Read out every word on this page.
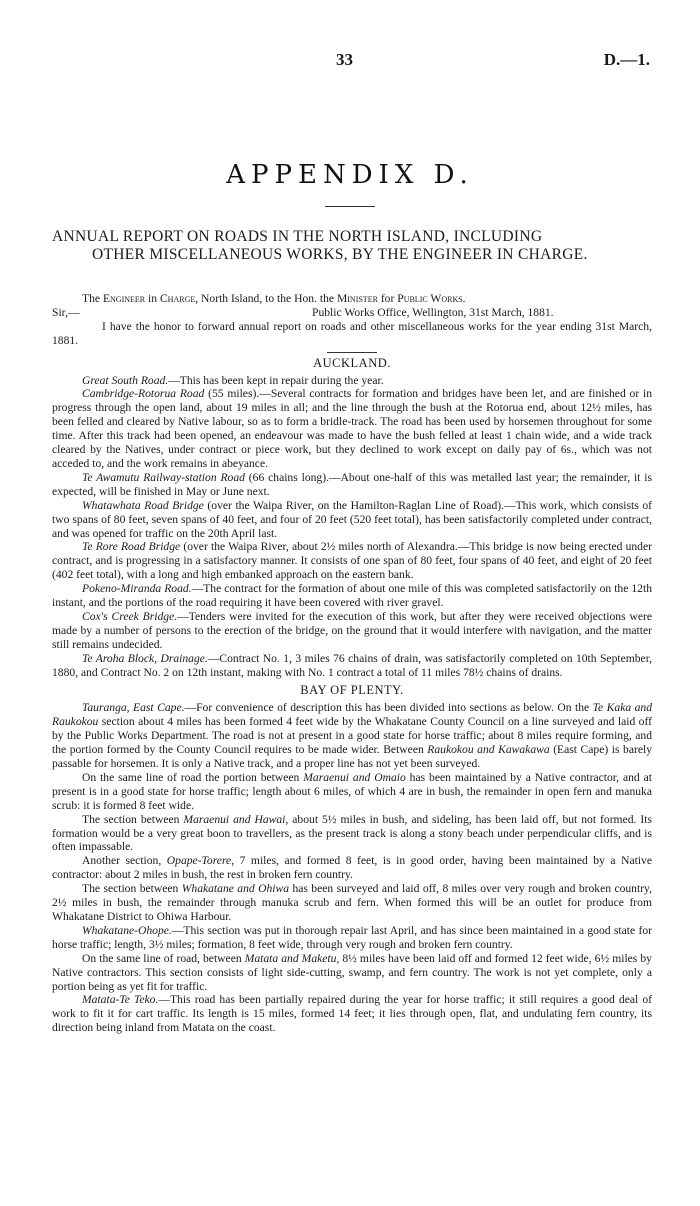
33	D.—1.
APPENDIX D.
ANNUAL REPORT ON ROADS IN THE NORTH ISLAND, INCLUDING
OTHER MISCELLANEOUS WORKS, BY THE ENGINEER IN CHARGE.

The Engineer in Charge, North Island, to the Hon. the Minister for Public Works.

Sir,—	Public Works Office, Wellington, 31st March, 1881.

I have the honor to forward annual report on roads and other miscellaneous works for the year ending 31st March, 1881.

AUCKLAND.

Great South Road.—This has been kept in repair during the year.

Cambridge-Rotorua Road (55 miles).—Several contracts for formation and bridges have been let, and are finished or in progress through the open land, about 19 miles in all; and the line through the bush at the Rotorua end, about 12½ miles, has been felled and cleared by Native labour, so as to form a bridle-track. The road has been used by horsemen throughout for some time. After this track had been opened, an endeavour was made to have the bush felled at least 1 chain wide, and a wide track cleared by the Natives, under contract or piece work, but they declined to work except on daily pay of 6s., which was not acceded to, and the work remains in abeyance.

Te Awamutu Railway-station Road (66 chains long).—About one-half of this was metalled last year; the remainder, it is expected, will be finished in May or June next.

Whatawhata Road Bridge (over the Waipa River, on the Hamilton-Raglan Line of Road).—This work, which consists of two spans of 80 feet, seven spans of 40 feet, and four of 20 feet (520 feet total), has been satisfactorily completed under contract, and was opened for traffic on the 20th April last.

Te Rore Road Bridge (over the Waipa River, about 2½ miles north of Alexandra.—This bridge is now being erected under contract, and is progressing in a satisfactory manner. It consists of one span of 80 feet, four spans of 40 feet, and eight of 20 feet (402 feet total), with a long and high embanked approach on the eastern bank.

Pokeno-Miranda Road.—The contract for the formation of about one mile of this was completed satisfactorily on the 12th instant, and the portions of the road requiring it have been covered with river gravel.

Cox's Creek Bridge.—Tenders were invited for the execution of this work, but after they were received objections were made by a number of persons to the erection of the bridge, on the ground that it would interfere with navigation, and the matter still remains undecided.

Te Aroha Block, Drainage.—Contract No. 1, 3 miles 76 chains of drain, was satisfactorily completed on 10th September, 1880, and Contract No. 2 on 12th instant, making with No. 1 contract a total of 11 miles 78½ chains of drains.

BAY OF PLENTY.

Tauranga, East Cape.—For convenience of description this has been divided into sections as below. On the Te Kaka and Raukokou section about 4 miles has been formed 4 feet wide by the Whakatane County Council on a line surveyed and laid off by the Public Works Department. The road is not at present in a good state for horse traffic; about 8 miles require forming, and the portion formed by the County Council requires to be made wider. Between Raukokou and Kawakawa (East Cape) is barely passable for horsemen. It is only a Native track, and a proper line has not yet been surveyed.

On the same line of road the portion between Maraenui and Omaio has been maintained by a Native contractor, and at present is in a good state for horse traffic; length about 6 miles, of which 4 are in bush, the remainder in open fern and manuka scrub: it is formed 8 feet wide.

The section between Maraenui and Hawai, about 5½ miles in bush, and sideling, has been laid off, but not formed. Its formation would be a very great boon to travellers, as the present track is along a stony beach under perpendicular cliffs, and is often impassable.

Another section, Opape-Torere, 7 miles, and formed 8 feet, is in good order, having been maintained by a Native contractor: about 2 miles in bush, the rest in broken fern country.

The section between Whakatane and Ohiwa has been surveyed and laid off, 8 miles over very rough and broken country, 2½ miles in bush, the remainder through manuka scrub and fern. When formed this will be an outlet for produce from Whakatane District to Ohiwa Harbour.

Whakatane-Ohope.—This section was put in thorough repair last April, and has since been maintained in a good state for horse traffic; length, 3½ miles; formation, 8 feet wide, through very rough and broken fern country.

On the same line of road, between Matata and Maketu, 8½ miles have been laid off and formed 12 feet wide, 6½ miles by Native contractors. This section consists of light side-cutting, swamp, and fern country. The work is not yet complete, only a portion being as yet fit for traffic.

Matata-Te Teko.—This road has been partially repaired during the year for horse traffic; it still requires a good deal of work to fit it for cart traffic. Its length is 15 miles, formed 14 feet; it lies through open, flat, and undulating fern country, its direction being inland from Matata on the coast.
